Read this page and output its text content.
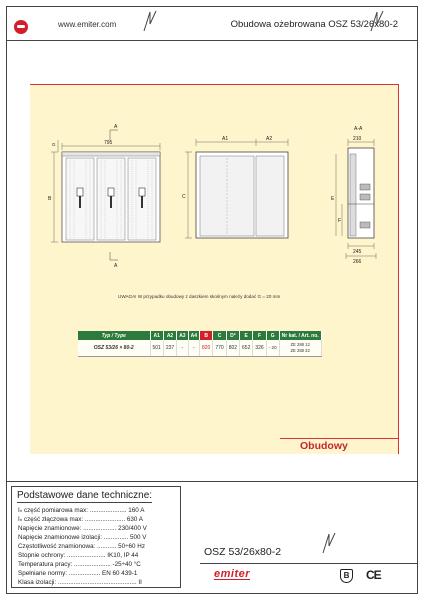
www.emiter.com	Obudowa ożebrowana OSZ 53/26x80-2
A
A
795
B
G
A1	A2
C
A-A
210
E
F
245
266
UWAGA! W przypadku obudowy z daszkiem skośnym należy dodać G = 20 mm
Typ / Type	A1	A2	A3	A4	B	C	D*	E	F	G	Nr kat. / Art. no.
OSZ 53/26 × 80-2	501	237	-	-	820	770	802	652	326	- 20	ZE 288 12
ZE 288 22
Obudowy
Podstawowe dane techniczne:
Iₙ część pomiarowa max: ..................... 160 A
Iₙ część złączowa max: ....................... 630 A
Napięcie znamionowe: ................... 230/400 V
Napięcie znamionowe izolacji: .............. 500 V
Częstotliwość znamionowa: ........... 50÷60 Hz
Stopnie ochrony: ...................... IK10, IP 44
Temperatura pracy: ..................... -25÷40 °C
Spełniane normy: .................. EN 60 439-1
Klasa izolacji: ............................................. II
OSZ 53/26x80-2
emiter	B	CE
